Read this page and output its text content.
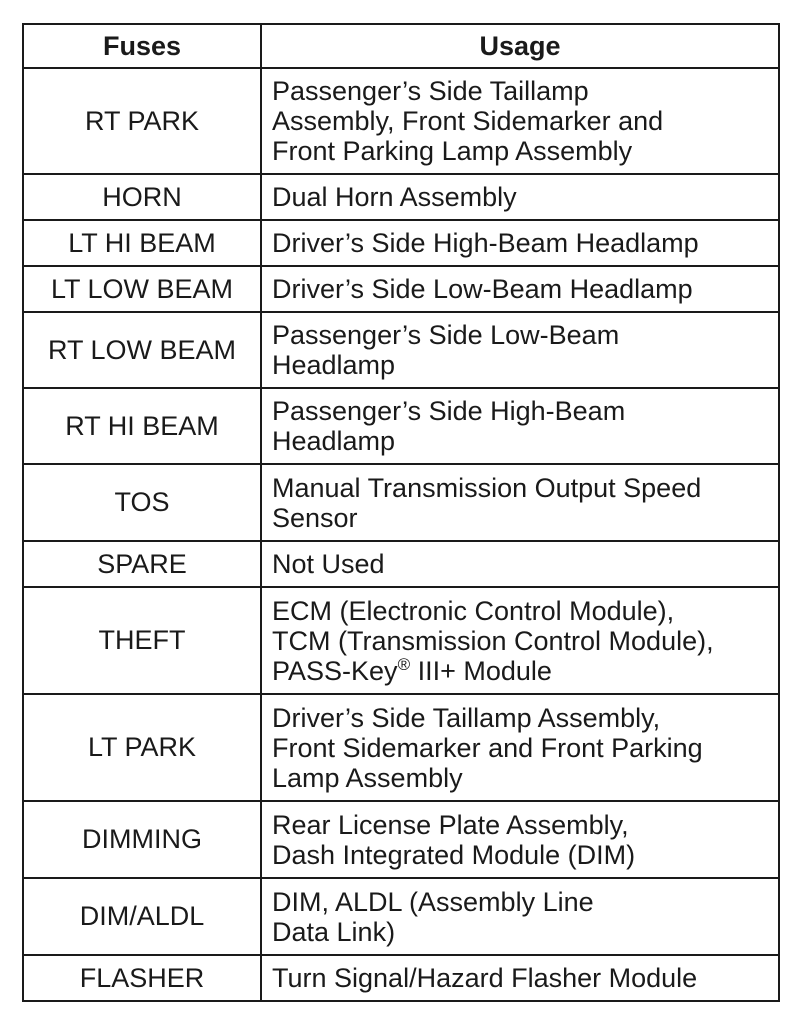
Fuses	Usage
RT PARK	Passenger’s Side Taillamp
Assembly, Front Sidemarker and
Front Parking Lamp Assembly

HORN	Dual Horn Assembly

LT HI BEAM	Driver’s Side High-Beam Headlamp

LT LOW BEAM	Driver’s Side Low-Beam Headlamp

RT LOW BEAM	Passenger’s Side Low-Beam
Headlamp

RT HI BEAM	Passenger’s Side High-Beam
Headlamp

TOS	Manual Transmission Output Speed
Sensor

SPARE	Not Used

THEFT	ECM (Electronic Control Module),
TCM (Transmission Control Module),
PASS-Key® III+ Module

LT PARK	Driver’s Side Taillamp Assembly,
Front Sidemarker and Front Parking
Lamp Assembly

DIMMING	Rear License Plate Assembly,
Dash Integrated Module (DIM)

DIM/ALDL	DIM, ALDL (Assembly Line
Data Link)

FLASHER	Turn Signal/Hazard Flasher Module
